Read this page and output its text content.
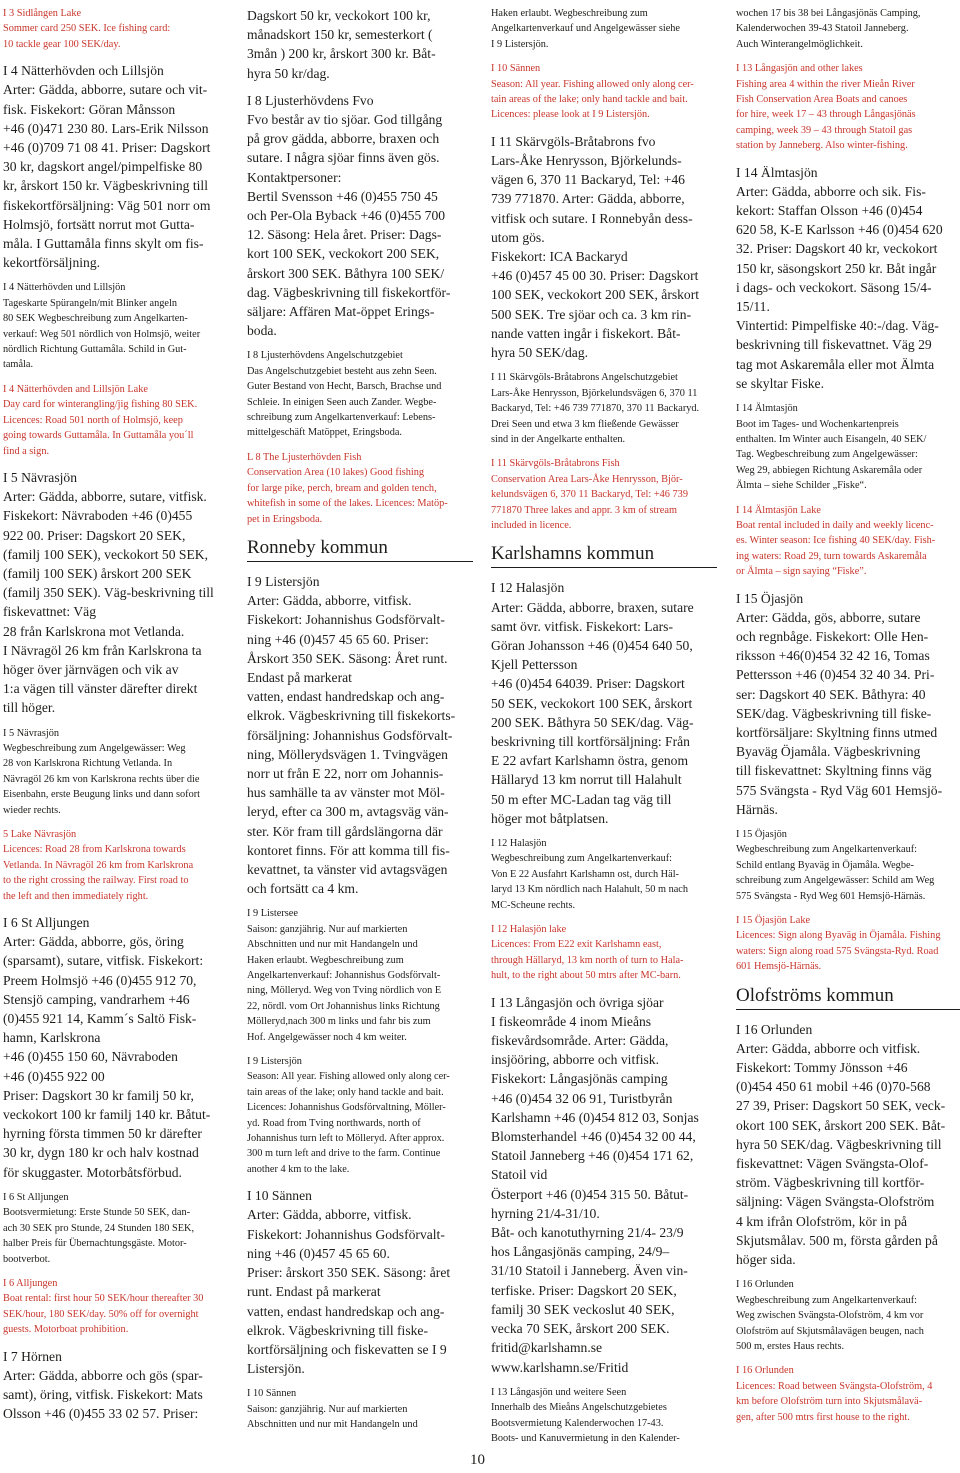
I 3 Sidlången Lake
Sommer card 250 SEK. Ice fishing card:
10 tackle gear 100 SEK/day.
I 4 Nätterhövden och Lillsjön
Arter: Gädda, abborre, sutare och vit-
fisk. Fiskekort: Göran Månsson
+46 (0)471 230 80. Lars-Erik Nilsson
+46 (0)709 71 08 41. Priser: Dagskort
30 kr, dagskort angel/pimpelfiske 80
kr, årskort 150 kr. Vägbeskrivning till
fiskekortförsäljning: Väg 501 norr om
Holmsjö, fortsätt norrut mot Gutta-
måla. I Guttamåla finns skylt om fis-
kekortförsäljning.
I 4 Nätterhövden und Lillsjön
Tageskarte Spürangeln/mit Blinker angeln
80 SEK Wegbeschreibung zum Angelkarten-
verkauf: Weg 501 nördlich von Holmsjö, weiter
nördlich Richtung Guttamåla. Schild in Gut-
tamåla.
I 4 Nätterhövden and Lillsjön Lake
Day card for winterangling/jig fishing 80 SEK.
Licences: Road 501 north of Holmsjö, keep
going towards Guttamåla. In Guttamåla you´ll
find a sign.
I 5 Nävrasjön
Arter: Gädda, abborre, sutare, vitfisk.
Fiskekort: Nävraboden +46 (0)455
922 00. Priser: Dagskort 20 SEK,
(familj 100 SEK), veckokort 50 SEK,
(familj 100 SEK) årskort 200 SEK
(familj 350 SEK). Väg-beskrivning till
fiskevattnet: Väg
28 från Karlskrona mot Vetlanda.
I Nävragöl 26 km från Karlskrona ta
höger över järnvägen och vik av
1:a vägen till vänster därefter direkt
till höger.
I 5 Nävrasjön
Wegbeschreibung zum Angelgewässer: Weg
28 von Karlskrona Richtung Vetlanda. In
Nävragöl 26 km von Karlskrona rechts über die
Eisenbahn, erste Beugung links und dann sofort
wieder rechts.
5 Lake Nävrasjön
Licences: Road 28 from Karlskrona towards
Vetlanda. In Nävragöl 26 km from Karlskrona
to the right crossing the railway. First road to
the left and then immediately right.
I 6 St Alljungen
Arter: Gädda, abborre, gös, öring
(sparsamt), sutare, vitfisk. Fiskekort:
Preem Holmsjö +46 (0)455 912 70,
Stensjö camping, vandrarhem +46
(0)455 921 14, Kamm´s Saltö Fisk-
hamn, Karlskrona
+46 (0)455 150 60, Nävraboden
+46 (0)455 922 00
Priser: Dagskort 30 kr familj 50 kr,
veckokort 100 kr familj 140 kr. Båtut-
hyrning första timmen 50 kr därefter
30 kr, dygn 180 kr och halv kostnad
för skuggaster. Motorbåtsförbud.
I 6 St Alljungen
Bootsvermietung: Erste Stunde 50 SEK, dan-
ach 30 SEK pro Stunde, 24 Stunden 180 SEK,
halber Preis für Übernachtungsgäste. Motor-
bootverbot.
I 6 Alljungen
Boat rental: first hour 50 SEK/hour thereafter 30
SEK/hour, 180 SEK/day. 50% off for overnight
guests. Motorboat prohibition.
I 7 Hörnen
Arter: Gädda, abborre och gös (spar-
samt), öring, vitfisk. Fiskekort: Mats
Olsson +46 (0)455 33 02 57. Priser:
Dagskort 50 kr, veckokort 100 kr,
månadskort 150 kr, semesterkort (
3mån ) 200 kr, årskort 300 kr. Båt-
hyra 50 kr/dag.
I 8 Ljusterhövdens Fvo
Fvo består av tio sjöar. God tillgång
på grov gädda, abborre, braxen och
sutare. I några sjöar finns även gös.
Kontaktpersoner:
Bertil Svensson +46 (0)455 750 45
och Per-Ola Byback +46 (0)455 700
12. Säsong: Hela året. Priser: Dags-
kort 100 SEK, veckokort 200 SEK,
årskort 300 SEK. Båthyra 100 SEK/
dag. Vägbeskrivning till fiskekortför-
säljare: Affären Mat-öppet Erings-
boda.
I 8 Ljusterhövdens Angelschutzgebiet
Das Angelschutzgebiet besteht aus zehn Seen.
Guter Bestand von Hecht, Barsch, Brachse und
Schleie. In einigen Seen auch Zander. Wegbe-
schreibung zum Angelkartenverkauf: Lebens-
mittelgeschäft Matöppet, Eringsboda.
L 8 The Ljusterhövden Fish
Conservation Area (10 lakes) Good fishing
for large pike, perch, bream and golden tench,
whitefish in some of the lakes. Licences: Matöp-
pet in Eringsboda.
Ronneby kommun
I 9 Listersjön
Arter: Gädda, abborre, vitfisk.
Fiskekort: Johannishus Godsförvalt-
ning +46 (0)457 45 65 60. Priser:
Årskort 350 SEK. Säsong: Året runt.
Endast på markerat
vatten, endast handredskap och ang-
elkrok. Vägbeskrivning till fiskekorts-
försäljning: Johannishus Godsförvalt-
ning, Möllerydsvägen 1. Tvingvägen
norr ut från E 22, norr om Johannis-
hus samhälle ta av vänster mot Möl-
leryd, efter ca 300 m, avtagsväg vän-
ster. Kör fram till gårdslängorna där
kontoret finns. För att komma till fis-
kevattnet, ta vänster vid avtagsvägen
och fortsätt ca 4 km.
I 9 Listersee
Saison: ganzjährig. Nur auf markierten
Abschnitten und nur mit Handangeln und
Haken erlaubt. Wegbeschreibung zum
Angelkartenverkauf: Johannishus Godsförvalt-
ning, Mölleryd. Weg von Tving nördlich von E
22, nördl. vom Ort Johannishus links Richtung
Mölleryd,nach 300 m links und fahr bis zum
Hof. Angelgewässer noch 4 km weiter.
I 9 Listersjön
Season: All year. Fishing allowed only along cer-
tain areas of the lake; only hand tackle and bait.
Licences: Johannishus Godsförvaltning, Möller-
yd. Road from Tving northwards, north of
Johannishus turn left to Mölleryd. After approx.
300 m turn left and drive to the farm. Continue
another 4 km to the lake.
I 10 Sännen
Arter: Gädda, abborre, vitfisk.
Fiskekort: Johannishus Godsförvalt-
ning +46 (0)457 45 65 60.
Priser: årskort 350 SEK. Säsong: året
runt. Endast på markerat
vatten, endast handredskap och ang-
elkrok. Vägbeskrivning till fiske-
kortförsäljning och fiskevatten se I 9
Listersjön.
I 10 Sännen
Saison: ganzjährig. Nur auf markierten
Abschnitten und nur mit Handangeln und
Haken erlaubt. Wegbeschreibung zum
Angelkartenverkauf und Angelgewässer siehe
I 9 Listersjön.
I 10 Sännen
Season: All year. Fishing allowed only along cer-
tain areas of the lake; only hand tackle and bait.
Licences: please look at I 9 Listersjön.
I 11 Skärvgöls-Bråtabrons fvo
Lars-Åke Henrysson, Björkelunds-
vägen 6, 370 11 Backaryd, Tel: +46
739 771870. Arter: Gädda, abborre,
vitfisk och sutare. I Ronnebyån dess-
utom gös.
Fiskekort: ICA Backaryd
+46 (0)457 45 00 30. Priser: Dagskort
100 SEK, veckokort 200 SEK, årskort
500 SEK. Tre sjöar och ca. 3 km rin-
nande vatten ingår i fiskekort. Båt-
hyra 50 SEK/dag.
I 11 Skärvgöls-Bråtabrons Angelschutzgebiet
Lars-Åke Henrysson, Björkelundsvägen 6, 370 11
Backaryd, Tel: +46 739 771870, 370 11 Backaryd.
Drei Seen und etwa 3 km fließende Gewässer
sind in der Angelkarte enthalten.
I 11 Skärvgöls-Bråtabrons Fish
Conservation Area Lars-Åke Henrysson, Björ-
kelundsvägen 6, 370 11 Backaryd, Tel: +46 739
771870 Three lakes and appr. 3 km of stream
included in licence.
Karlshamns kommun
I 12 Halasjön
Arter: Gädda, abborre, braxen, sutare
samt övr. vitfisk. Fiskekort: Lars-
Göran Johansson +46 (0)454 640 50,
Kjell Pettersson
+46 (0)454 64039. Priser: Dagskort
50 SEK, veckokort 100 SEK, årskort
200 SEK. Båthyra 50 SEK/dag. Väg-
beskrivning till kortförsäljning: Från
E 22 avfart Karlshamn östra, genom
Hällaryd 13 km norrut till Halahult
50 m efter MC-Ladan tag väg till
höger mot båtplatsen.
I 12 Halasjön
Wegbeschreibung zum Angelkartenverkauf:
Von E 22 Ausfahrt Karlshamn ost, durch Häl-
laryd 13 Km nördlich nach Halahult, 50 m nach
MC-Scheune rechts.
I 12 Halasjön lake
Licences: From E22 exit Karlshamn east,
through Hällaryd, 13 km north of turn to Hala-
hult, to the right about 50 mtrs after MC-barn.
I 13 Långasjön och övriga sjöar
I fiskeområde 4 inom Mieåns
fiskevårdsområde. Arter: Gädda,
insjööring, abborre och vitfisk.
Fiskekort: Långasjönäs camping
+46 (0)454 32 06 91, Turistbyrån
Karlshamn +46 (0)454 812 03, Sonjas
Blomsterhandel +46 (0)454 32 00 44,
Statoil Janneberg +46 (0)454 171 62,
Statoil vid
Österport +46 (0)454 315 50. Båtut-
hyrning 21/4-31/10.
Båt- och kanotuthyrning 21/4- 23/9
hos Långasjönäs camping, 24/9–
31/10 Statoil i Janneberg. Även vin-
terfiske. Priser: Dagskort 20 SEK,
familj 30 SEK veckoslut 40 SEK,
vecka 70 SEK, årskort 200 SEK.
fritid@karlshamn.se
www.karlshamn.se/Fritid
I 13 Långasjön und weitere Seen
Innerhalb des Mieåns Angelschutzgebietes
Bootsvermietung Kalenderwochen 17-43.
Boots- und Kanuvermietung in den Kalender-
wochen 17 bis 38 bei Långasjönäs Camping,
Kalenderwochen 39-43 Statoil Janneberg.
Auch Winterangelmöglichkeit.
I 13 Långasjön and other lakes
Fishing area 4 within the river Mieån River
Fish Conservation Area Boats and canoes
for hire, week 17 – 43 through Långasjönäs
camping, week 39 – 43 through Statoil gas
station by Janneberg. Also winter-fishing.
I 14 Älmtasjön
Arter: Gädda, abborre och sik. Fis-
kekort: Staffan Olsson +46 (0)454
620 58, K-E Karlsson +46 (0)454 620
32. Priser: Dagskort 40 kr, veckokort
150 kr, säsongskort 250 kr. Båt ingår
i dags- och veckokort. Säsong 15/4-
15/11.
Vintertid: Pimpelfiske 40:-/dag. Väg-
beskrivning till fiskevattnet. Väg 29
tag mot Askaremåla eller mot Älmta
se skyltar Fiske.
I 14 Älmtasjön
Boot im Tages- und Wochenkartenpreis
enthalten. Im Winter auch Eisangeln, 40 SEK/
Tag. Wegbeschreibung zum Angelgewässer:
Weg 29, abbiegen Richtung Askaremåla oder
Älmta – siehe Schilder „Fiske“.
I 14 Älmtasjön Lake
Boat rental included in daily and weekly licenc-
es. Winter season: Ice fishing 40 SEK/day. Fish-
ing waters: Road 29, turn towards Askaremåla
or Älmta – sign saying “Fiske”.
I 15 Öjasjön
Arter: Gädda, gös, abborre, sutare
och regnbåge. Fiskekort: Olle Hen-
riksson +46(0)454 32 42 16, Tomas
Pettersson +46 (0)454 32 40 34. Pri-
ser: Dagskort 40 SEK. Båthyra: 40
SEK/dag. Vägbeskrivning till fiske-
kortförsäljare: Skyltning finns utmed
Byaväg Öjamåla. Vägbeskrivning
till fiskevattnet: Skyltning finns väg
575 Svängsta - Ryd Väg 601 Hemsjö-
Härnäs.
I 15 Öjasjön
Wegbeschreibung zum Angelkartenverkauf:
Schild entlang Byaväg in Öjamåla. Wegbe-
schreibung zum Angelgewässer: Schild am Weg
575 Svängsta - Ryd Weg 601 Hemsjö-Härnäs.
I 15 Öjasjön Lake
Licences: Sign along Byaväg in Öjamåla. Fishing
waters: Sign along road 575 Svängsta-Ryd. Road
601 Hemsjö-Härnäs.
Olofströms kommun
I 16 Orlunden
Arter: Gädda, abborre och vitfisk.
Fiskekort: Tommy Jönsson +46
(0)454 450 61 mobil +46 (0)70-568
27 39, Priser: Dagskort 50 SEK, veck-
okort 100 SEK, årskort 200 SEK. Båt-
hyra 50 SEK/dag. Vägbeskrivning till
fiskevattnet: Vägen Svängsta-Olof-
ström. Vägbeskrivning till kortför-
säljning: Vägen Svängsta-Olofström
4 km ifrån Olofström, kör in på
Skjutsmålav. 500 m, första gården på
höger sida.
I 16 Orlunden
Wegbeschreibung zum Angelkartenverkauf:
Weg zwischen Svängsta-Olofström, 4 km vor
Olofström auf Skjutsmålavägen beugen, nach
500 m, erstes Haus rechts.
I 16 Orlunden
Licences: Road between Svängsta-Olofström, 4
km before Olofström turn into Skjutsmålavä-
gen, after 500 mtrs first house to the right.
10
